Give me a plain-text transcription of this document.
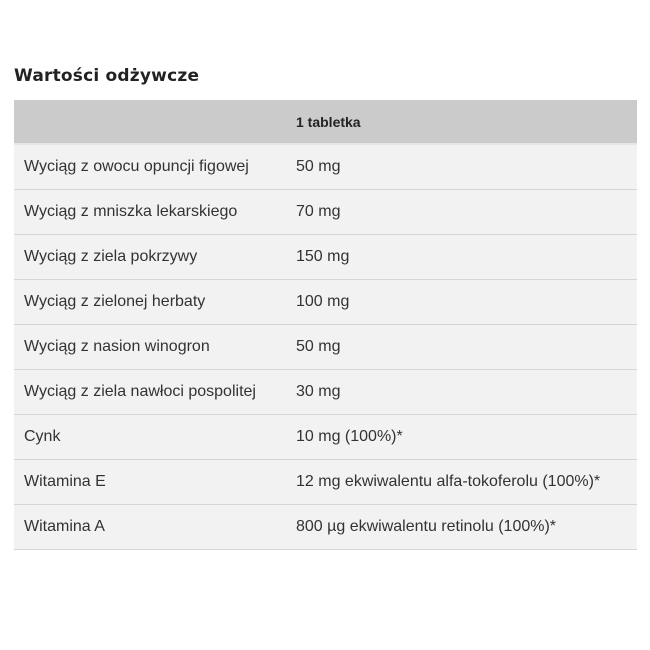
Wartości odżywcze
	1 tabletka
Wyciąg z owocu opuncji figowej	50 mg
Wyciąg z mniszka lekarskiego	70 mg
Wyciąg z ziela pokrzywy	150 mg
Wyciąg z zielonej herbaty	100 mg
Wyciąg z nasion winogron	50 mg
Wyciąg z ziela nawłoci pospolitej	30 mg
Cynk	10 mg (100%)*
Witamina E	12 mg ekwiwalentu alfa-tokoferolu (100%)*
Witamina A	800 µg ekwiwalentu retinolu (100%)*
